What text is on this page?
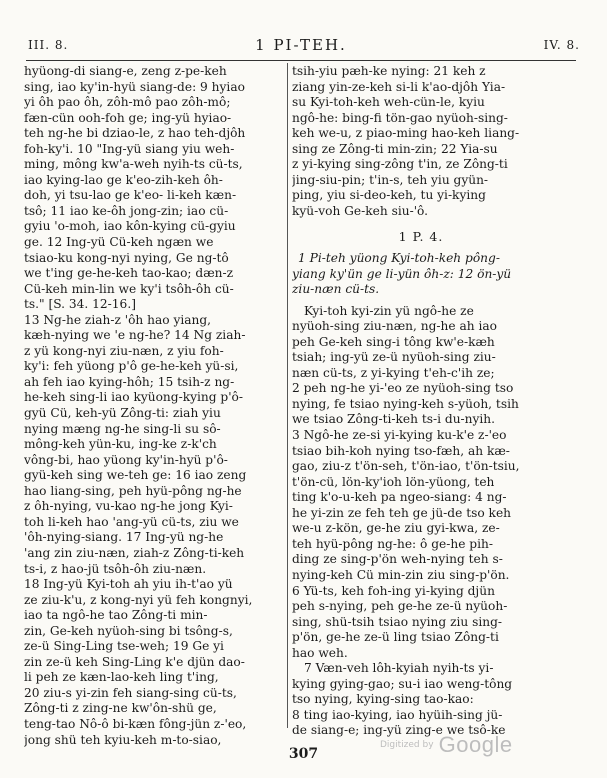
III. 8.	1 PI-TEH.	IV. 8.
hyüong-di siang-e, zeng z-pe-keh
sing, iao ky'in-hyü siang-de: 9 hyiao
yi ôh pao ôh, zôh-mô pao zôh-mô;
fæn-cün ooh-foh ge; ing-yü hyiao-
teh ng-he bi dziao-le, z hao teh-djôh
foh-ky'i. 10 "Ing-yü siang yiu weh-
ming, mông kw'a-weh nyih-ts cü-ts,
iao kying-lao ge k'eo-zih-keh ôh-
doh, yi tsu-lao ge k'eo- li-keh kæn-
tsô; 11 iao ke-ôh jong-zin; iao cü-
gyiu 'o-moh, iao kôn-kying cü-gyiu
ge. 12 Ing-yü Cü-keh ngæn we
tsiao-ku kong-nyi nying, Ge ng-tô
we t'ing ge-he-keh tao-kao; dæn-z
Cü-keh min-lin we ky'i tsôh-ôh cü-
ts." [S. 34. 12-16.]
13 Ng-he ziah-z 'ôh hao yiang,
kæh-nying we 'e ng-he? 14 Ng ziah-
z yü kong-nyi ziu-næn, z yiu foh-
ky'i: feh yüong p'ô ge-he-keh yü-si,
ah feh iao kying-hôh; 15 tsih-z ng-
he-keh sing-li iao kyüong-kying p'ô-
gyü Cü, keh-yü Zông-ti: ziah yiu
nying mæng ng-he sing-li su sô-
mông-keh yün-ku, ing-ke z-k'ch
vông-bi, hao yüong ky'in-hyü p'ô-
gyü-keh sing we-teh ge: 16 iao zeng
hao liang-sing, peh hyü-pông ng-he
z ôh-nying, vu-kao ng-he jong Kyi-
toh li-keh hao 'ang-yü cü-ts, ziu we
'ôh-nying-siang. 17 Ing-yü ng-he
'ang zin ziu-næn, ziah-z Zông-ti-keh
ts-i, z hao-jü tsôh-ôh ziu-næn.
18 Ing-yü Kyi-toh ah yiu ih-t'ao yü
ze ziu-k'u, z kong-nyi yü feh kongnyi,
iao ta ngô-he tao Zông-ti min-
zin, Ge-keh nyüoh-sing bi tsông-s,
ze-ü Sing-Ling tse-weh; 19 Ge yi
zin ze-ü keh Sing-Ling k'e djün dao-
li peh ze kæn-lao-keh ling t'ing,
20 ziu-s yi-zin feh siang-sing cü-ts,
Zông-ti z zing-ne kw'ôn-shü ge,
teng-tao Nô-ô bi-kæn fông-jün z-'eo,
jong shü teh kyiu-keh m-to-siao,
tsih-yiu pæh-ke nying: 21 keh z
ziang yin-ze-keh si-li k'ao-djôh Yia-
su Kyi-toh-keh weh-cün-le, kyiu
ngô-he: bing-fi tön-gao nyüoh-sing-
keh we-u, z piao-ming hao-keh liang-
sing ze Zông-ti min-zin; 22 Yia-su
z yi-kying sing-zông t'in, ze Zông-ti
jing-siu-pin; t'in-s, teh yiu gyün-
ping, yiu si-deo-keh, tu yi-kying
kyü-voh Ge-keh siu-'ô.
1 P. 4.
1 Pi-teh yüong Kyi-toh-keh pông-
yiang ky'ün ge li-yün ôh-z: 12 ön-yü
ziu-næn cü-ts.
Kyi-toh kyi-zin yü ngô-he ze
nyüoh-sing ziu-næn, ng-he ah iao
peh Ge-keh sing-i tông kw'e-kæh
tsiah; ing-yü ze-ü nyüoh-sing ziu-
næn cü-ts, z yi-kying t'eh-c'ih ze;
2 peh ng-he yi-'eo ze nyüoh-sing tso
nying, fe tsiao nying-keh s-yüoh, tsih
we tsiao Zông-ti-keh ts-i du-nyih.
3 Ngô-he ze-si yi-kying ku-k'e z-'eo
tsiao bih-koh nying tso-fæh, ah kæ-
gao, ziu-z t'ön-seh, t'ön-iao, t'ön-tsiu,
t'ön-cü, lön-ky'ioh lön-yüong, teh
ting k'o-u-keh pa ngeo-siang: 4 ng-
he yi-zin ze feh teh ge jü-de tso keh
we-u z-kön, ge-he ziu gyi-kwa, ze-
teh hyü-pông ng-he: ô ge-he pih-
ding ze sing-p'ön weh-nying teh s-
nying-keh Cü min-zin ziu sing-p'ön.
6 Yü-ts, keh foh-ing yi-kying djün
peh s-nying, peh ge-he ze-ü nyüoh-
sing, shü-tsih tsiao nying ziu sing-
p'ön, ge-he ze-ü ling tsiao Zông-ti
hao weh.
7 Væn-veh lôh-kyiah nyih-ts yi-
kying gying-gao; su-i iao weng-tông
tso nying, kying-sing tao-kao:
8 ting iao-kying, iao hyüih-sing jü-
de siang-e; ing-yü zing-e we tsô-ke
307
Digitized by Google
